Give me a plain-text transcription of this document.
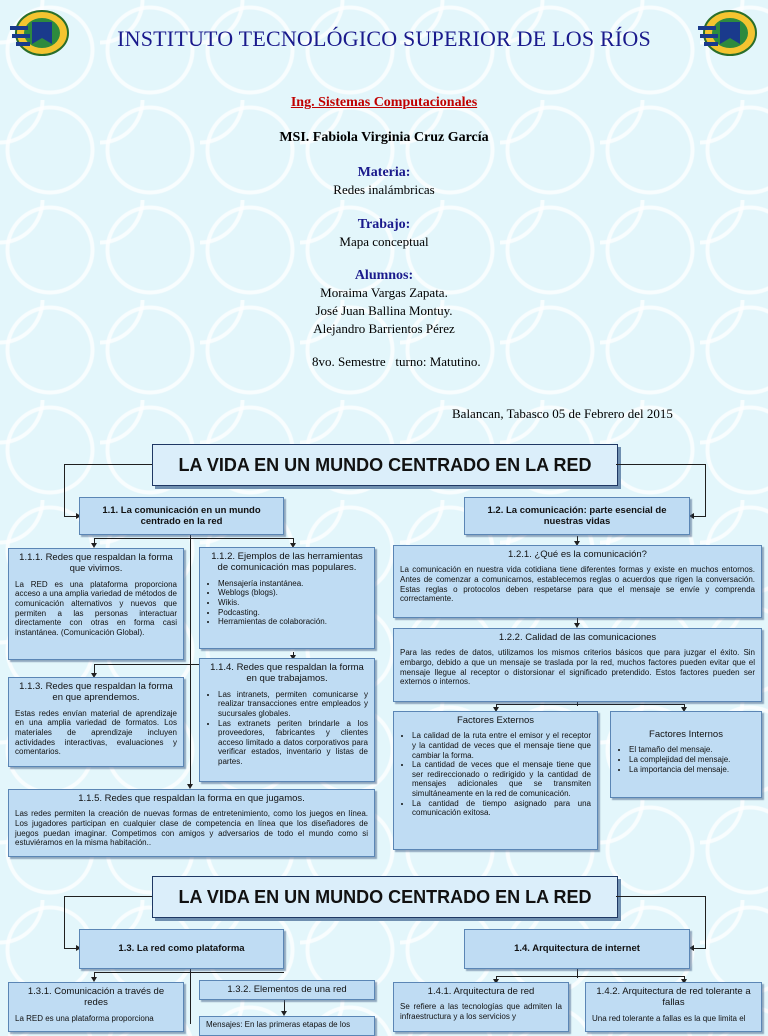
INSTITUTO TECNOLÓGICO SUPERIOR DE LOS RÍOS
Ing. Sistemas Computacionales
MSI. Fabiola Virginia Cruz García
Materia:
Redes inalámbricas
Trabajo:
Mapa conceptual
Alumnos:
Moraima Vargas Zapata.
José Juan Ballina Montuy.
Alejandro Barrientos Pérez
8vo. Semestre   turno: Matutino.
Balancan, Tabasco 05 de Febrero del 2015
LA VIDA EN UN MUNDO CENTRADO EN LA RED
1.1. La comunicación en un mundo centrado en la red
1.2. La comunicación: parte esencial de nuestras vidas
1.1.1. Redes que respaldan la forma que vivimos.
La RED es una plataforma proporciona acceso a una amplia variedad de métodos de comunicación alternativos y nuevos que permiten a las personas interactuar directamente con otras en forma casi instantánea. (Comunicación Global).
1.1.2. Ejemplos de las herramientas de comunicación mas populares.
• Mensajería instantánea.
• Weblogs (blogs).
• Wikis.
• Podcasting.
• Herramientas de colaboración.
1.1.3. Redes que respaldan la forma en que aprendemos.
Estas redes envían material de aprendizaje en una amplia variedad de formatos. Los materiales de aprendizaje incluyen actividades interactivas, evaluaciones y comentarios.
1.1.4. Redes que respaldan la forma en que trabajamos.
• Las intranets, permiten comunicarse y realizar transacciones entre empleados y sucursales globales.
• Las extranets periten brindarle a los proveedores, fabricantes y clientes acceso limitado a datos corporativos para verificar estados, inventario y listas de partes.
1.1.5. Redes que respaldan la forma en que jugamos.
Las redes permiten la creación de nuevas formas de entretenimiento, como los juegos en línea. Los jugadores participan en cualquier clase de competencia en línea que los diseñadores de juegos puedan imaginar. Competimos con amigos y adversarios de todo el mundo como si estuviéramos en la misma habitación..
1.2.1. ¿Qué es la comunicación?
La comunicación en nuestra vida cotidiana tiene diferentes formas y existe en muchos entornos. Antes de comenzar a comunicarnos, establecemos reglas o acuerdos que rigen la conversación. Estas reglas o protocolos deben respetarse para que el mensaje se envíe y comprenda correctamente.
1.2.2. Calidad de las comunicaciones
Para las redes de datos, utilizamos los mismos criterios básicos que para juzgar el éxito. Sin embargo, debido a que un mensaje se traslada por la red, muchos factores pueden evitar que el mensaje llegue al receptor o distorsionar el significado pretendido. Estos factores pueden ser externos o internos.
Factores Externos
• La calidad de la ruta entre el emisor y el receptor y la cantidad de veces que el mensaje tiene que cambiar la forma.
• La cantidad de veces que el mensaje tiene que ser redireccionado o redirigido y la cantidad de mensajes adicionales que se transmiten simultáneamente en la red de comunicación.
• La cantidad de tiempo asignado para una comunicación exitosa.
Factores Internos
• El tamaño del mensaje.
• La complejidad del mensaje.
• La importancia del mensaje.
LA VIDA EN UN MUNDO CENTRADO EN LA RED
1.3. La red como plataforma	1.4. Arquitectura de internet
1.3.1. Comunicación a través de redes
La RED es una plataforma proporciona
1.3.2. Elementos de una red
Mensajes: En las primeras etapas de los
1.4.1. Arquitectura de red
Se refiere a las tecnologías que admiten la infraestructura y a los servicios y
1.4.2. Arquitectura de red tolerante a fallas
Una red tolerante a fallas es la que limita el
